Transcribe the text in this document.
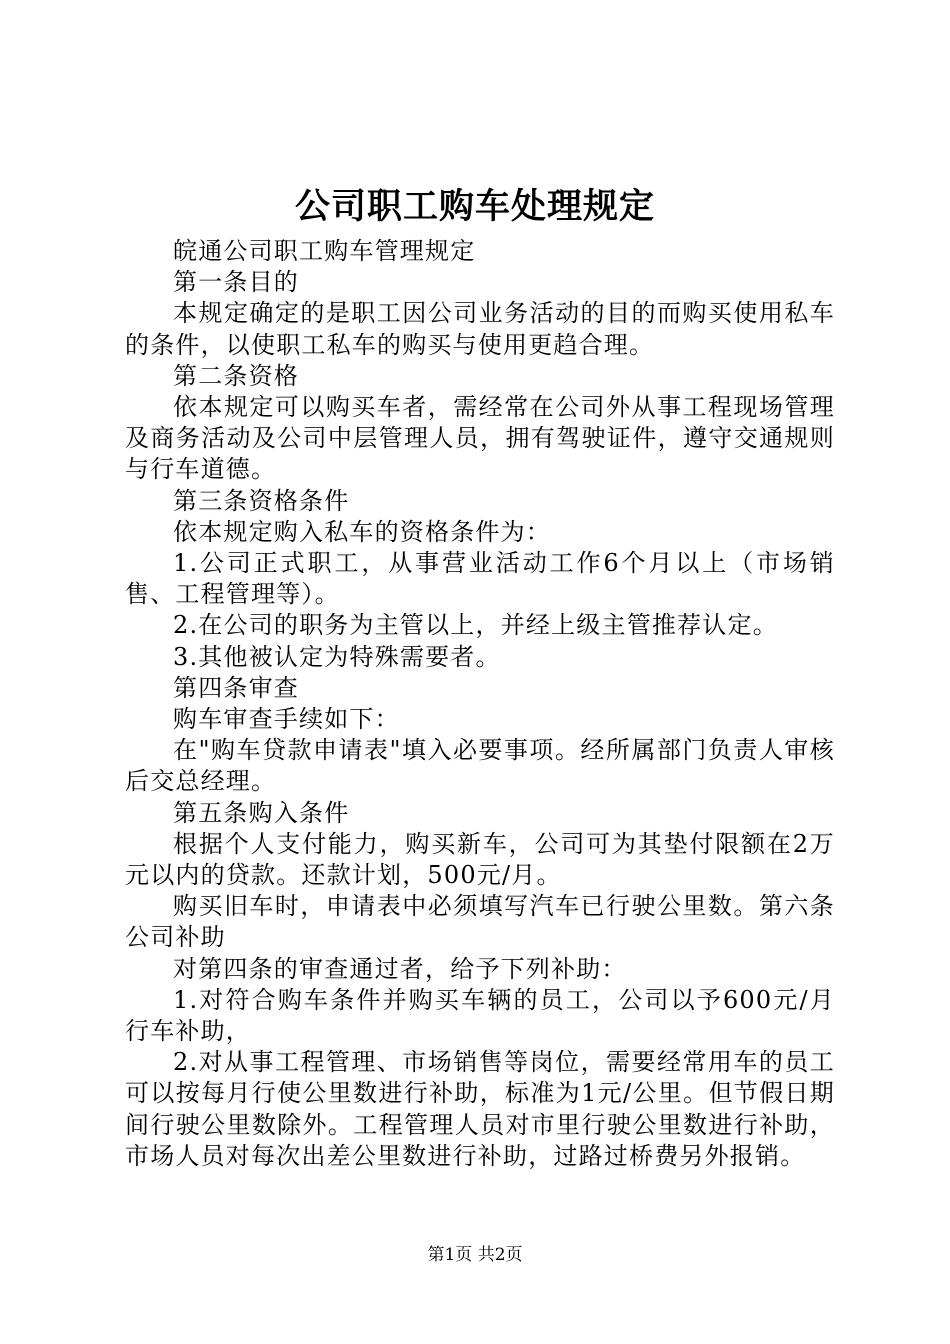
公司职工购车处理规定

皖通公司职工购车管理规定

第一条目的

本规定确定的是职工因公司业务活动的目的而购买使用私车的条件，以使职工私车的购买与使用更趋合理。

第二条资格

依本规定可以购买车者，需经常在公司外从事工程现场管理及商务活动及公司中层管理人员，拥有驾驶证件，遵守交通规则与行车道德。

第三条资格条件

依本规定购入私车的资格条件为：

1.公司正式职工，从事营业活动工作6个月以上（市场销售、工程管理等）。

2.在公司的职务为主管以上，并经上级主管推荐认定。

3.其他被认定为特殊需要者。

第四条审查

购车审查手续如下：

在"购车贷款申请表"填入必要事项。经所属部门负责人审核后交总经理。

第五条购入条件

根据个人支付能力，购买新车，公司可为其垫付限额在2万元以内的贷款。还款计划，500元/月。

购买旧车时，申请表中必须填写汽车已行驶公里数。第六条公司补助

对第四条的审查通过者，给予下列补助：

1.对符合购车条件并购买车辆的员工，公司以予600元/月行车补助，

2.对从事工程管理、市场销售等岗位，需要经常用车的员工可以按每月行使公里数进行补助，标准为1元/公里。但节假日期间行驶公里数除外。工程管理人员对市里行驶公里数进行补助，市场人员对每次出差公里数进行补助，过路过桥费另外报销。

第1页 共2页
